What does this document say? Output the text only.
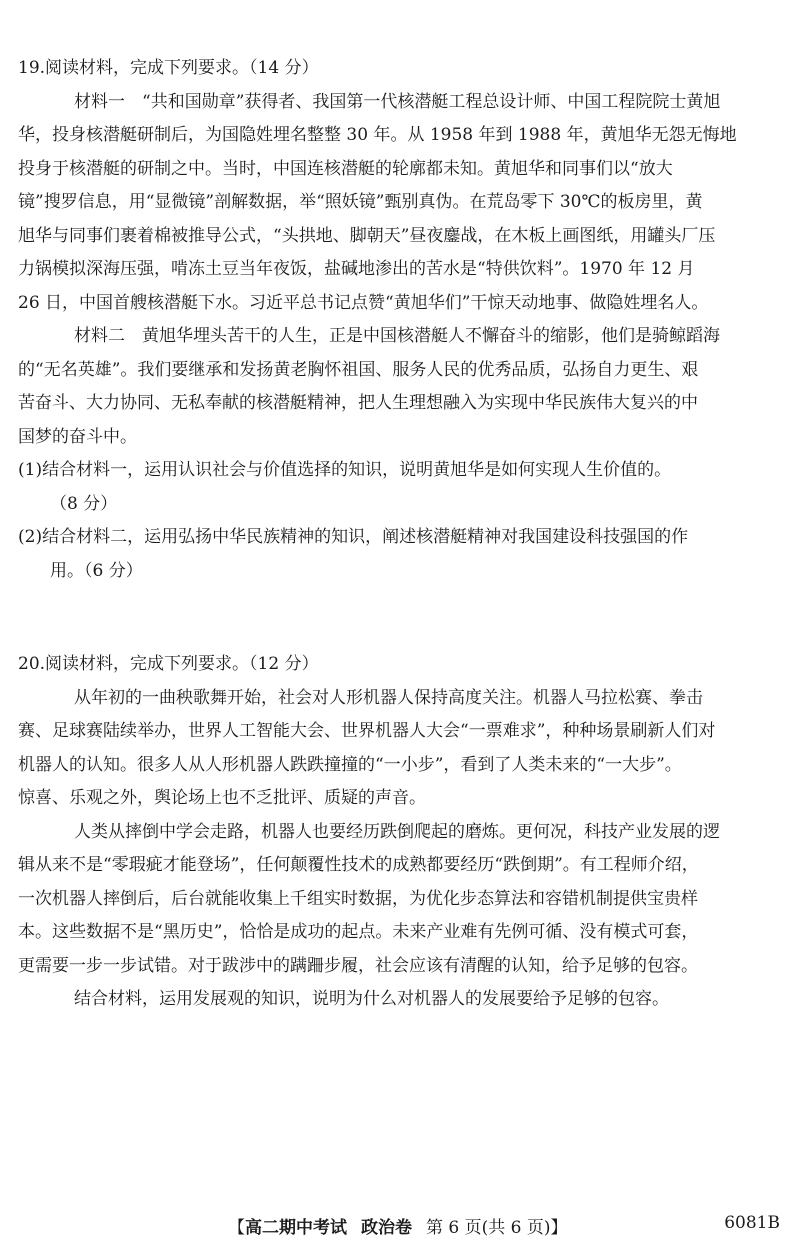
19.阅读材料，完成下列要求。（14 分）

材料一　“共和国勋章”获得者、我国第一代核潜艇工程总设计师、中国工程院院士黄旭

华，投身核潜艇研制后，为国隐姓埋名整整 30 年。从 1958 年到 1988 年，黄旭华无怨无悔地

投身于核潜艇的研制之中。当时，中国连核潜艇的轮廓都未知。黄旭华和同事们以“放大

镜”搜罗信息，用“显微镜”剖解数据，举“照妖镜”甄别真伪。在荒岛零下 30℃的板房里，黄

旭华与同事们裹着棉被推导公式，“头拱地、脚朝天”昼夜鏖战，在木板上画图纸，用罐头厂压

力锅模拟深海压强，啃冻土豆当年夜饭，盐碱地渗出的苦水是“特供饮料”。1970 年 12 月

26 日，中国首艘核潜艇下水。习近平总书记点赞“黄旭华们”干惊天动地事、做隐姓埋名人。

材料二　黄旭华埋头苦干的人生，正是中国核潜艇人不懈奋斗的缩影，他们是骑鲸蹈海

的“无名英雄”。我们要继承和发扬黄老胸怀祖国、服务人民的优秀品质，弘扬自力更生、艰

苦奋斗、大力协同、无私奉献的核潜艇精神，把人生理想融入为实现中华民族伟大复兴的中

国梦的奋斗中。

(1)结合材料一，运用认识社会与价值选择的知识，说明黄旭华是如何实现人生价值的。

（8 分）

(2)结合材料二，运用弘扬中华民族精神的知识，阐述核潜艇精神对我国建设科技强国的作

用。（6 分）

20.阅读材料，完成下列要求。（12 分）

从年初的一曲秧歌舞开始，社会对人形机器人保持高度关注。机器人马拉松赛、拳击

赛、足球赛陆续举办，世界人工智能大会、世界机器人大会“一票难求”，种种场景刷新人们对

机器人的认知。很多人从人形机器人跌跌撞撞的“一小步”，看到了人类未来的“一大步”。

惊喜、乐观之外，舆论场上也不乏批评、质疑的声音。

人类从摔倒中学会走路，机器人也要经历跌倒爬起的磨炼。更何况，科技产业发展的逻

辑从来不是“零瑕疵才能登场”，任何颠覆性技术的成熟都要经历“跌倒期”。有工程师介绍，

一次机器人摔倒后，后台就能收集上千组实时数据，为优化步态算法和容错机制提供宝贵样

本。这些数据不是“黑历史”，恰恰是成功的起点。未来产业难有先例可循、没有模式可套，

更需要一步一步试错。对于跋涉中的蹒跚步履，社会应该有清醒的认知，给予足够的包容。

结合材料，运用发展观的知识，说明为什么对机器人的发展要给予足够的包容。

【高二期中考试 政治卷 第 6 页(共 6 页)】	6081B
